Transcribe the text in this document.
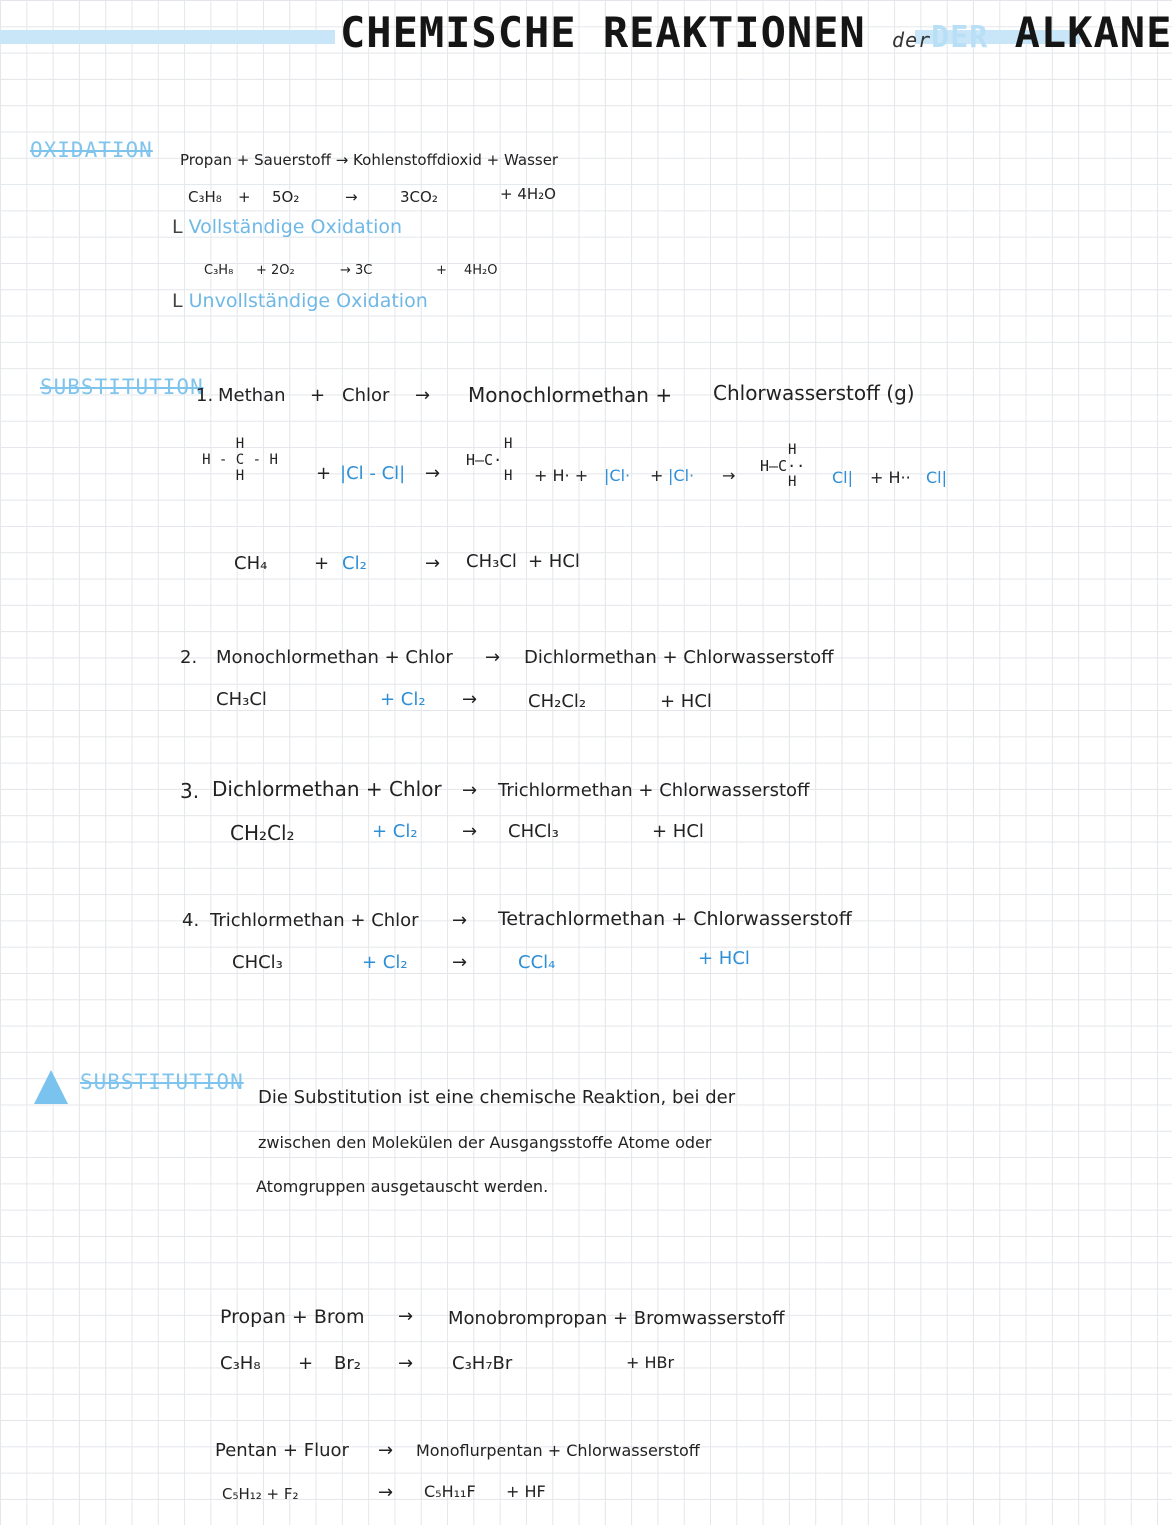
CHEMISCHE REAKTIONEN derDER ALKANE
OXIDATION Propan + Sauerstoff → Kohlenstoffdioxid + Wasser
C₃H₈ + 5O₂	→	3CO₂	+ 4H₂O
L Vollständige Oxidation
C₃H₈ + 2O₂	→ 3C	+ 4H₂O
L Unvollständige Oxidation
SUBSTITUTION
1. Methan + Chlor → Monochlormethan + Chlorwasserstoff (g)
H
H - C - H
H	+ |Cl - Cl| →
H
H—C·
H	+ H· + |Cl· + |Cl· →
H
H—C··
H	Cl| + H·· Cl|
CH₄	+ Cl₂	→ CH₃Cl + HCl
2. Monochlormethan + Chlor → Dichlormethan + Chlorwasserstoff
CH₃Cl	+ Cl₂ →	CH₂Cl₂	+ HCl
3. Dichlormethan + Chlor → Trichlormethan + Chlorwasserstoff
CH₂Cl₂	+ Cl₂ → CHCl₃	+ HCl
4. Trichlormethan + Chlor → Tetrachlormethan + Chlorwasserstoff
CHCl₃	+ Cl₂ →	CCl₄	+ HCl
SUBSTITUTION
Die Substitution ist eine chemische Reaktion, bei der
zwischen den Molekülen der Ausgangsstoffe Atome oder
Atomgruppen ausgetauscht werden.
Propan + Brom → Monobrompropan + Bromwasserstoff
C₃H₈ + Br₂ → C₃H₇Br	+ HBr
Pentan + Fluor → Monoflurpentan + Chlorwasserstoff
C₅H₁₂ + F₂	→ C₅H₁₁F + HF
